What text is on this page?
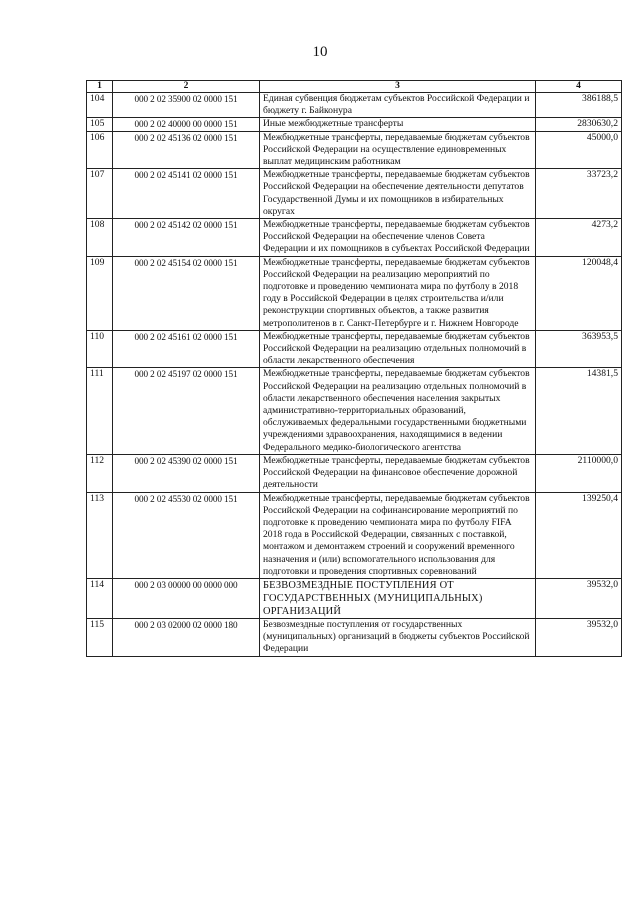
10
1	2	3	4
104	000 2 02 35900 02 0000 151	Единая субвенция бюджетам субъектов Российской Федерации и бюджету г. Байконура	386188,5
105	000 2 02 40000 00 0000 151	Иные межбюджетные трансферты	2830630,2
106	000 2 02 45136 02 0000 151	Межбюджетные трансферты, передаваемые бюджетам субъектов Российской Федерации на осуществление единовременных выплат медицинским работникам	45000,0
107	000 2 02 45141 02 0000 151	Межбюджетные трансферты, передаваемые бюджетам субъектов Российской Федерации на обеспечение деятельности депутатов Государственной Думы и их помощников в избирательных округах	33723,2
108	000 2 02 45142 02 0000 151	Межбюджетные трансферты, передаваемые бюджетам субъектов Российской Федерации на обеспечение членов Совета Федерации и их помощников в субъектах Российской Федерации	4273,2
109	000 2 02 45154 02 0000 151	Межбюджетные трансферты, передаваемые бюджетам субъектов Российской Федерации на реализацию мероприятий по подготовке и проведению чемпионата мира по футболу в 2018 году в Российской Федерации в целях строительства и/или реконструкции спортивных объектов, а также развития метрополитенов в г. Санкт-Петербурге и г. Нижнем Новгороде	120048,4
110	000 2 02 45161 02 0000 151	Межбюджетные трансферты, передаваемые бюджетам субъектов Российской Федерации на реализацию отдельных полномочий в области лекарственного обеспечения	363953,5
111	000 2 02 45197 02 0000 151	Межбюджетные трансферты, передаваемые бюджетам субъектов Российской Федерации на реализацию отдельных полномочий в области лекарственного обеспечения населения закрытых административно-территориальных образований, обслуживаемых федеральными государственными бюджетными учреждениями здравоохранения, находящимися в ведении Федерального медико-биологического агентства	14381,5
112	000 2 02 45390 02 0000 151	Межбюджетные трансферты, передаваемые бюджетам субъектов Российской Федерации на финансовое обеспечение дорожной деятельности	2110000,0
113	000 2 02 45530 02 0000 151	Межбюджетные трансферты, передаваемые бюджетам субъектов Российской Федерации на софинансирование мероприятий по подготовке к проведению чемпионата мира по футболу FIFA 2018 года в Российской Федерации, связанных с поставкой, монтажом и демонтажем строений и сооружений временного назначения и (или) вспомогательного использования для подготовки и проведения спортивных соревнований	139250,4
114	000 2 03 00000 00 0000 000	БЕЗВОЗМЕЗДНЫЕ ПОСТУПЛЕНИЯ ОТ ГОСУДАРСТВЕННЫХ (МУНИЦИПАЛЬНЫХ) ОРГАНИЗАЦИЙ	39532,0
115	000 2 03 02000 02 0000 180	Безвозмездные поступления от государственных (муниципальных) организаций в бюджеты субъектов Российской Федерации	39532,0
